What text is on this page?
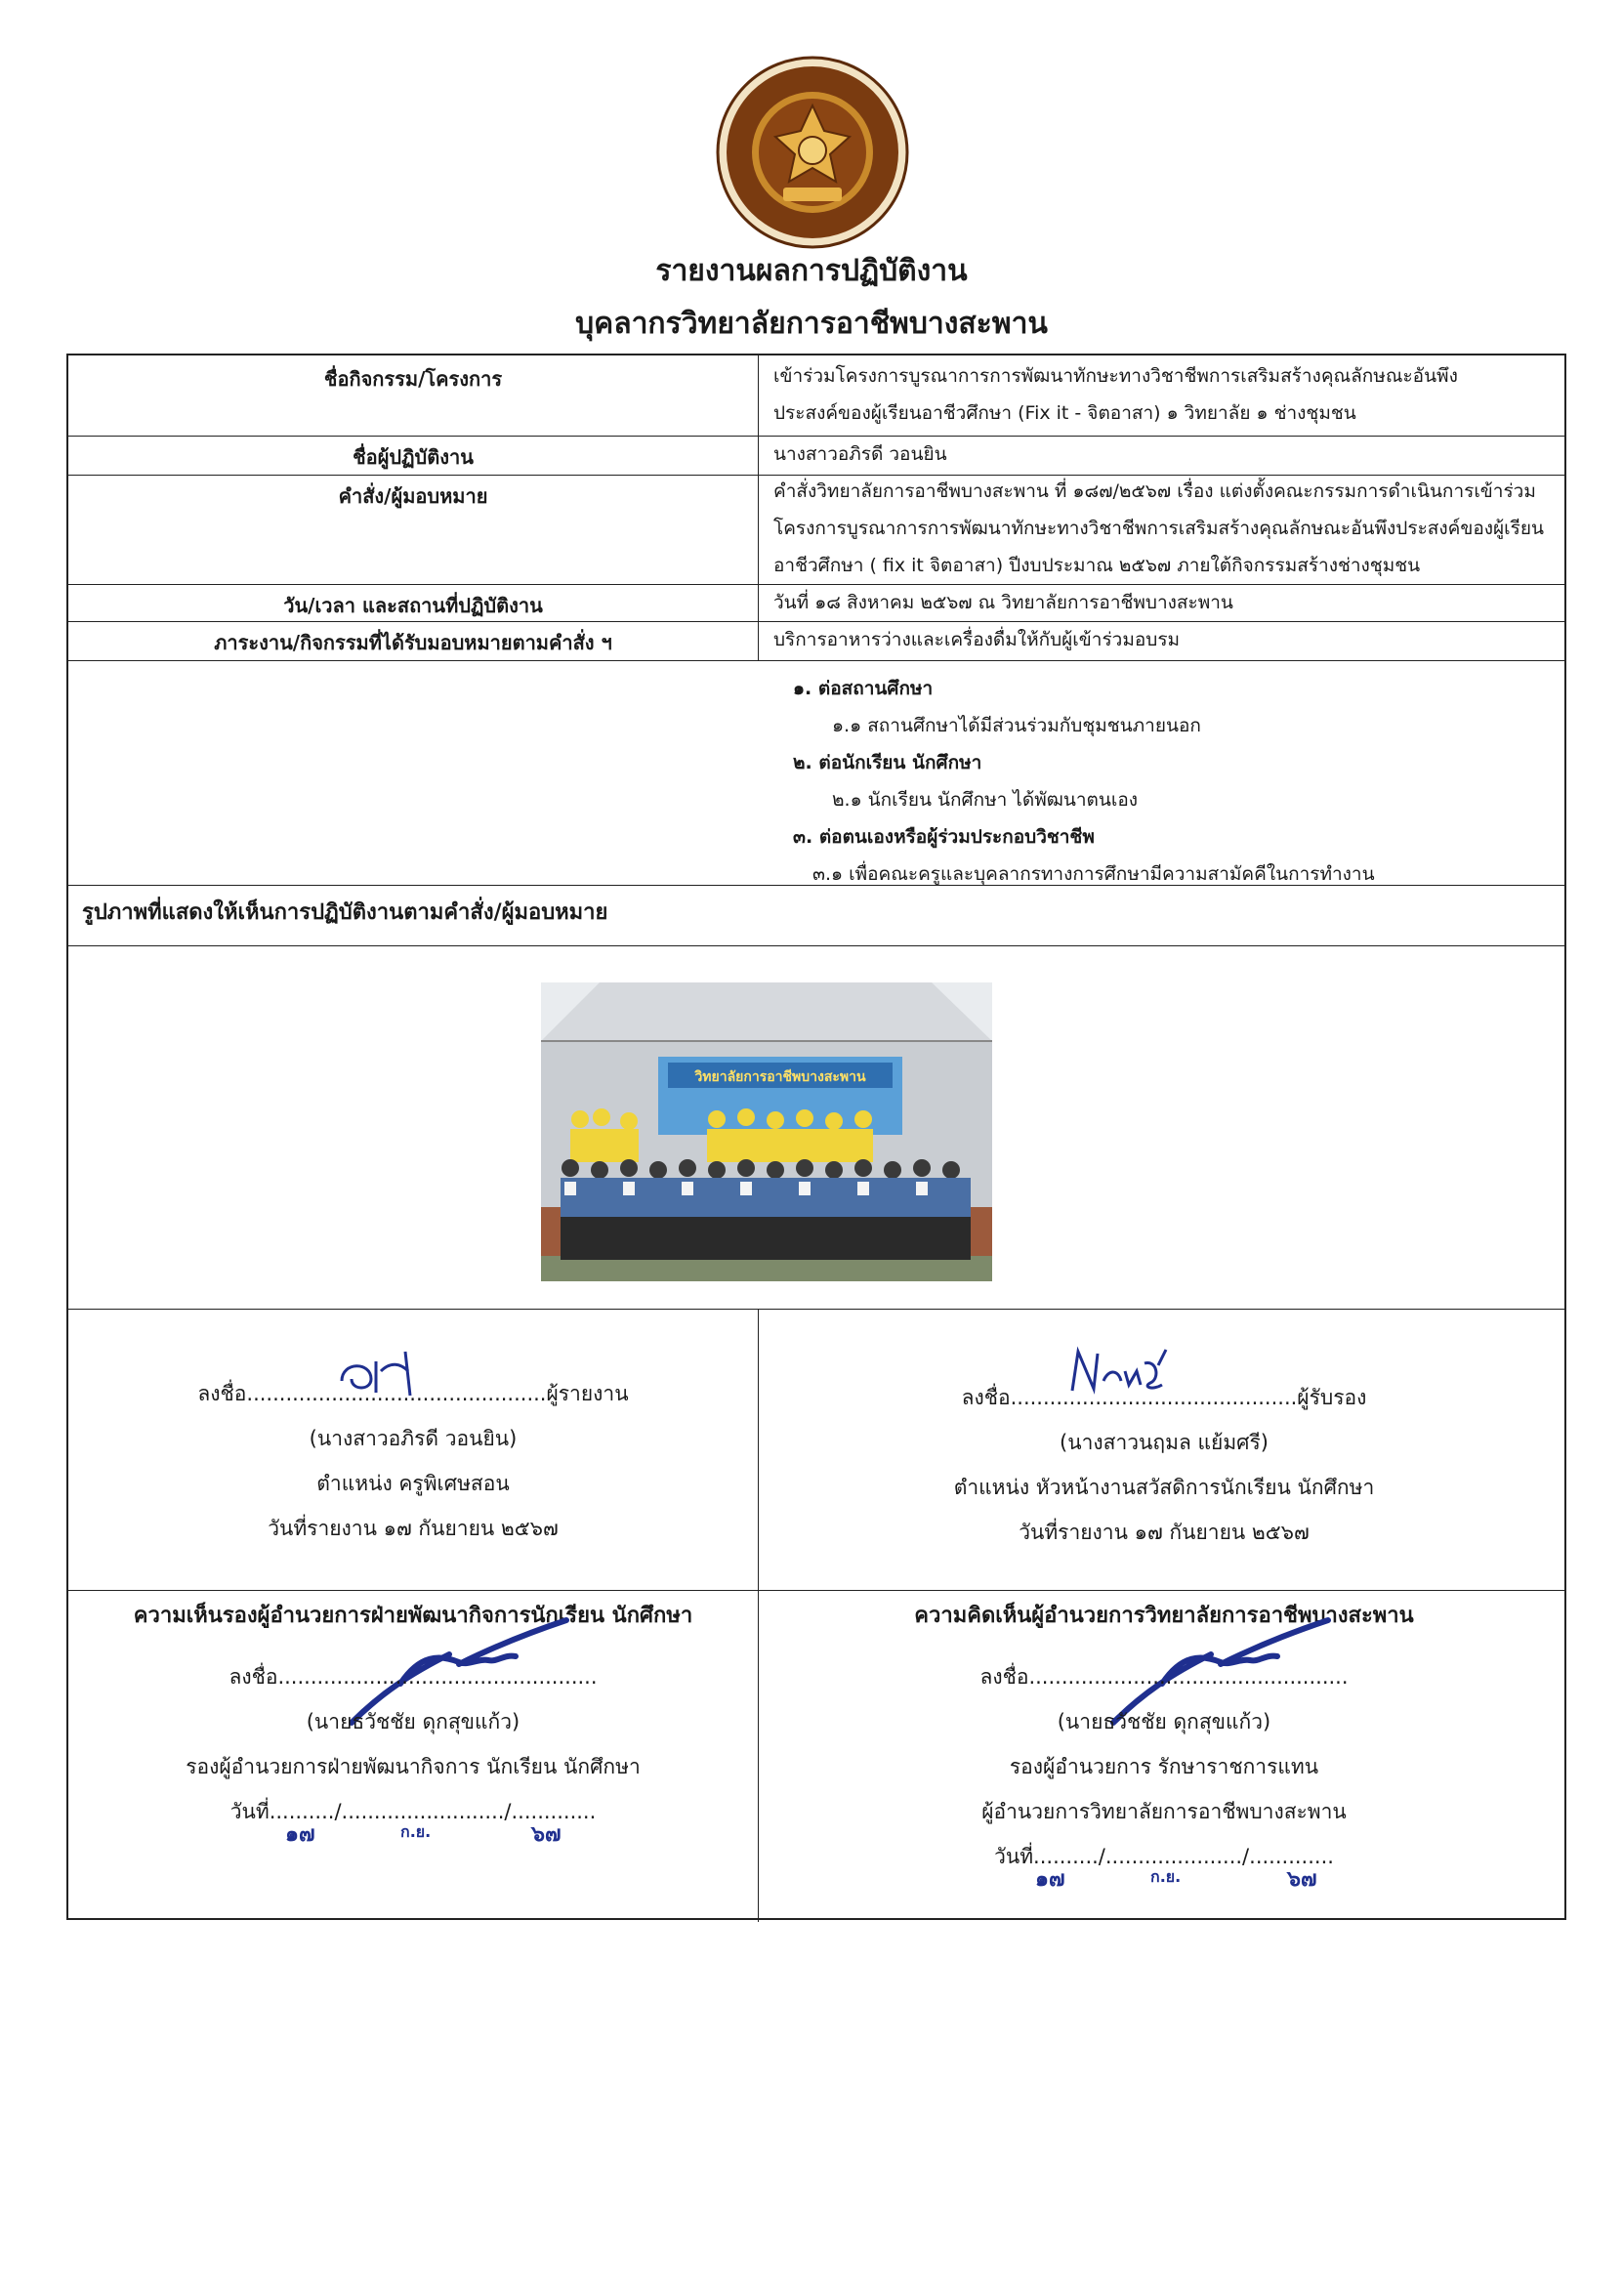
รายงานผลการปฏิบัติงาน
บุคลากรวิทยาลัยการอาชีพบางสะพาน
ชื่อกิจกรรม/โครงการ	เข้าร่วมโครงการบูรณาการการพัฒนาทักษะทางวิชาชีพการเสริมสร้างคุณลักษณะอันพึง

ประสงค์ของผู้เรียนอาชีวศึกษา (Fix it - จิตอาสา) ๑ วิทยาลัย ๑ ช่างชุมชน

ชื่อผู้ปฏิบัติงาน	นางสาวอภิรดี วอนยิน
คำสั่ง/ผู้มอบหมาย	คำสั่งวิทยาลัยการอาชีพบางสะพาน ที่ ๑๘๗/๒๕๖๗ เรื่อง แต่งตั้งคณะกรรมการดำเนินการเข้าร่วม

โครงการบูรณาการการพัฒนาทักษะทางวิชาชีพการเสริมสร้างคุณลักษณะอันพึงประสงค์ของผู้เรียน

อาชีวศึกษา ( fix it จิตอาสา) ปีงบประมาณ ๒๕๖๗ ภายใต้กิจกรรมสร้างช่างชุมชน

วัน/เวลา และสถานที่ปฏิบัติงาน	วันที่ ๑๘ สิงหาคม ๒๕๖๗ ณ วิทยาลัยการอาชีพบางสะพาน
ภาระงาน/กิจกรรมที่ได้รับมอบหมายตามคำสั่ง ฯ	บริการอาหารว่างและเครื่องดื่มให้กับผู้เข้าร่วมอบรม

๑. ต่อสถานศึกษา

๑.๑ สถานศึกษาได้มีส่วนร่วมกับชุมชนภายนอก

๒. ต่อนักเรียน นักศึกษา

๒.๑ นักเรียน นักศึกษา ได้พัฒนาตนเอง

๓. ต่อตนเองหรือผู้ร่วมประกอบวิชาชีพ

๓.๑ เพื่อคณะครูและบุคลากรทางการศึกษามีความสามัคคีในการทำงาน

รูปภาพที่แสดงให้เห็นการปฏิบัติงานตามคำสั่ง/ผู้มอบหมาย
วิทยาลัยการอาชีพบางสะพาน

ลงชื่อ..............................................ผู้รายงาน

(นางสาวอภิรดี วอนยิน)

ตำแหน่ง ครูพิเศษสอน

วันที่รายงาน ๑๗ กันยายน ๒๕๖๗

ลงชื่อ............................................ผู้รับรอง

(นางสาวนฤมล แย้มศรี)

ตำแหน่ง หัวหน้างานสวัสดิการนักเรียน นักศึกษา

วันที่รายงาน ๑๗ กันยายน ๒๕๖๗

ความเห็นรองผู้อำนวยการฝ่ายพัฒนากิจการนักเรียน นักศึกษา

ลงชื่อ.................................................

(นายธวัชชัย ดุกสุขแก้ว)

รองผู้อำนวยการฝ่ายพัฒนากิจการ นักเรียน นักศึกษา

วันที่........../........................./.............

๑๗	ก.ย.	๖๗
ความคิดเห็นผู้อำนวยการวิทยาลัยการอาชีพบางสะพาน

ลงชื่อ.................................................

(นายธวัชชัย ดุกสุขแก้ว)

รองผู้อำนวยการ รักษาราชการแทน

ผู้อำนวยการวิทยาลัยการอาชีพบางสะพาน

วันที่........../...................../.............

๑๗	ก.ย.	๖๗
